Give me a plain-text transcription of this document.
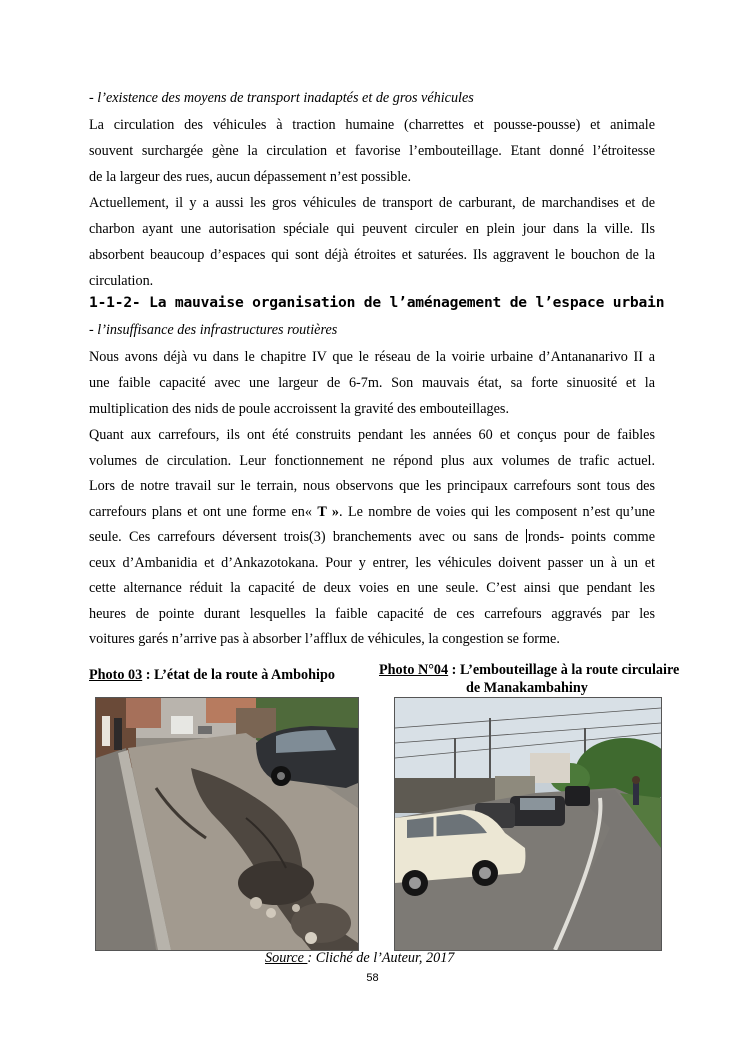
- l’existence des moyens de transport inadaptés et de gros véhicules
La circulation des véhicules à traction humaine (charrettes et pousse-pousse) et animale
souvent surchargée gène la circulation et favorise l’embouteillage. Etant donné l’étroitesse
de la largeur des rues, aucun dépassement n’est possible.
Actuellement, il y a aussi les gros véhicules de transport de carburant, de marchandises et de
charbon ayant une autorisation spéciale qui peuvent circuler en plein jour dans la ville. Ils
absorbent beaucoup d’espaces qui sont déjà étroites et saturées. Ils aggravent le bouchon de la
circulation.
1-1-2- La mauvaise organisation de l’aménagement de l’espace urbain
- l’insuffisance des infrastructures routières
Nous avons déjà vu dans le chapitre IV que le réseau de la voirie urbaine d’Antananarivo II a
une faible capacité avec une largeur de 6-7m. Son mauvais état, sa forte sinuosité et la
multiplication des nids de poule accroissent la gravité des embouteillages.
Quant aux carrefours, ils ont été construits pendant les années 60 et conçus pour de faibles
volumes de circulation. Leur fonctionnement ne répond plus aux volumes de trafic actuel.
Lors de notre travail sur le terrain, nous observons que les principaux carrefours sont tous des
carrefours plans et ont une forme en« T ». Le nombre de voies qui les composent n’est qu’une
seule. Ces carrefours déversent trois(3) branchements avec ou sans de ronds- points comme
ceux d’Ambanidia et d’Ankazotokana. Pour y entrer, les véhicules doivent passer un à un et
cette alternance réduit la capacité de deux voies en une seule. C’est ainsi que pendant les
heures de pointe durant lesquelles la faible capacité de ces carrefours aggravés par les
voitures garés n’arrive pas à absorber l’afflux de véhicules, la congestion se forme.
Photo 03 : L’état de la route à Ambohipo	Photo N°04 : L’embouteillage à la route circulaire
de Manakambahiny
Source : Cliché de l’Auteur, 2017
58
